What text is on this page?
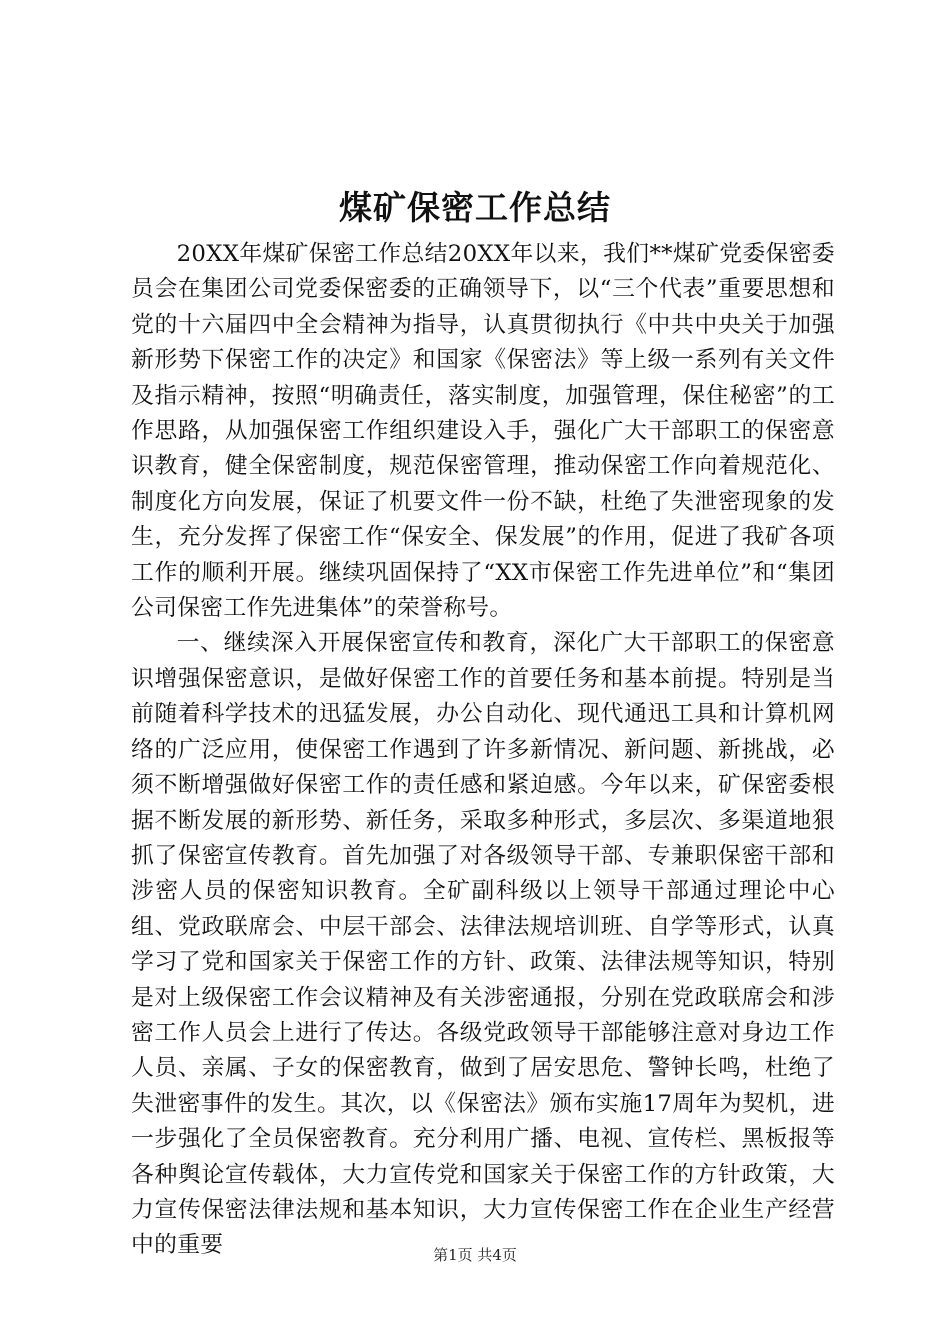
煤矿保密工作总结

20XX年煤矿保密工作总结20XX年以来，我们**煤矿党委保密委员会在集团公司党委保密委的正确领导下，以“三个代表”重要思想和党的十六届四中全会精神为指导，认真贯彻执行《中共中央关于加强新形势下保密工作的决定》和国家《保密法》等上级一系列有关文件及指示精神，按照“明确责任，落实制度，加强管理，保住秘密”的工作思路，从加强保密工作组织建设入手，强化广大干部职工的保密意识教育，健全保密制度，规范保密管理，推动保密工作向着规范化、制度化方向发展，保证了机要文件一份不缺，杜绝了失泄密现象的发生，充分发挥了保密工作“保安全、保发展”的作用，促进了我矿各项工作的顺利开展。继续巩固保持了“XX市保密工作先进单位”和“集团公司保密工作先进集体”的荣誉称号。

一、继续深入开展保密宣传和教育，深化广大干部职工的保密意识增强保密意识，是做好保密工作的首要任务和基本前提。特别是当前随着科学技术的迅猛发展，办公自动化、现代通迅工具和计算机网络的广泛应用，使保密工作遇到了许多新情况、新问题、新挑战，必须不断增强做好保密工作的责任感和紧迫感。今年以来，矿保密委根据不断发展的新形势、新任务，采取多种形式，多层次、多渠道地狠抓了保密宣传教育。首先加强了对各级领导干部、专兼职保密干部和涉密人员的保密知识教育。全矿副科级以上领导干部通过理论中心组、党政联席会、中层干部会、法律法规培训班、自学等形式，认真学习了党和国家关于保密工作的方针、政策、法律法规等知识，特别是对上级保密工作会议精神及有关涉密通报，分别在党政联席会和涉密工作人员会上进行了传达。各级党政领导干部能够注意对身边工作人员、亲属、子女的保密教育，做到了居安思危、警钟长鸣，杜绝了失泄密事件的发生。其次，以《保密法》颁布实施17周年为契机，进一步强化了全员保密教育。充分利用广播、电视、宣传栏、黑板报等各种舆论宣传载体，大力宣传党和国家关于保密工作的方针政策，大力宣传保密法律法规和基本知识，大力宣传保密工作在企业生产经营中的重要	第1页 共4页
